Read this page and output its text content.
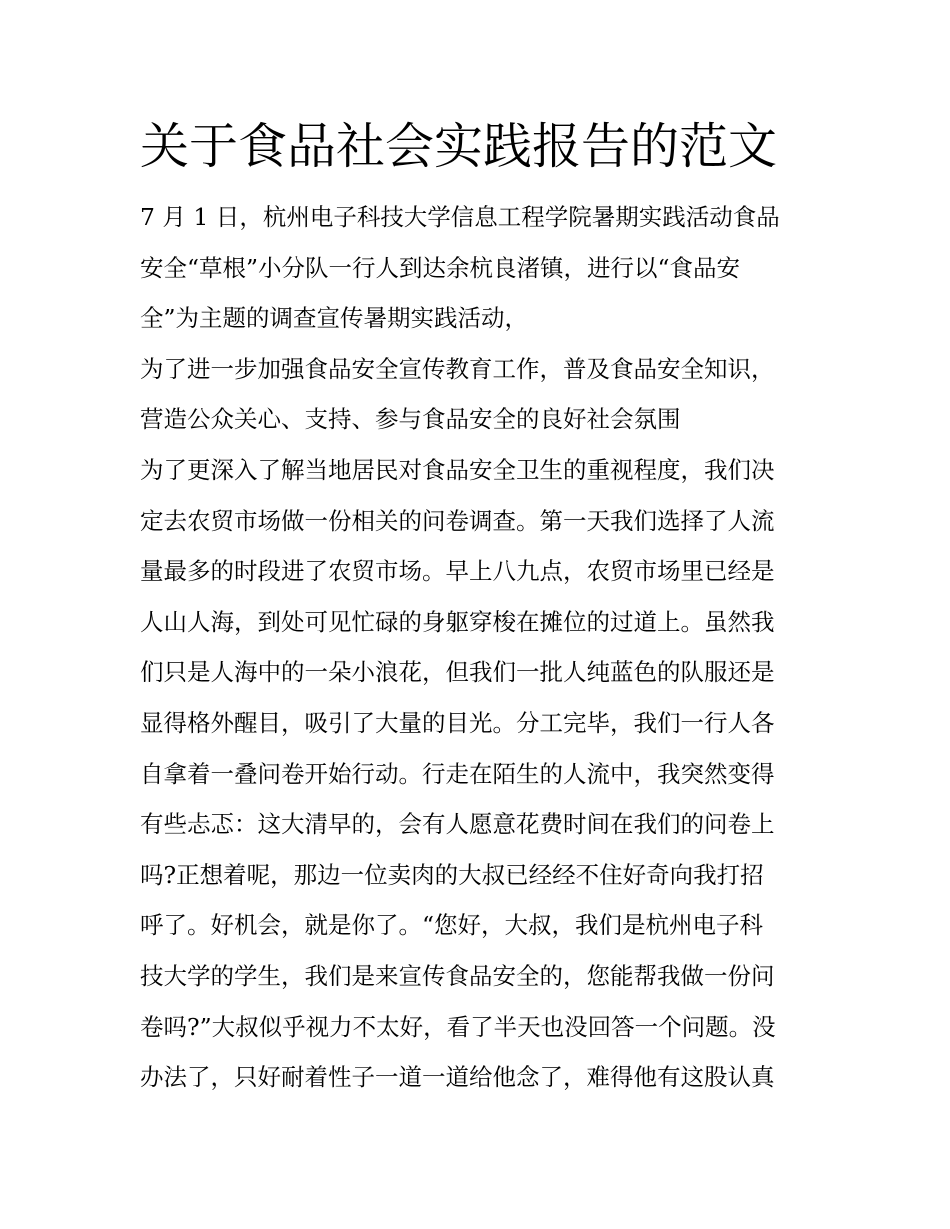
关于食品社会实践报告的范文
7 月 1 日，杭州电子科技大学信息工程学院暑期实践活动食品
安全“草根”小分队一行人到达余杭良渚镇，进行以“食品安
全”为主题的调查宣传暑期实践活动，
为了进一步加强食品安全宣传教育工作，普及食品安全知识，
营造公众关心、支持、参与食品安全的良好社会氛围
为了更深入了解当地居民对食品安全卫生的重视程度，我们决
定去农贸市场做一份相关的问卷调查。第一天我们选择了人流
量最多的时段进了农贸市场。早上八九点，农贸市场里已经是
人山人海，到处可见忙碌的身躯穿梭在摊位的过道上。虽然我
们只是人海中的一朵小浪花，但我们一批人纯蓝色的队服还是
显得格外醒目，吸引了大量的目光。分工完毕，我们一行人各
自拿着一叠问卷开始行动。行走在陌生的人流中，我突然变得
有些忐忑：这大清早的，会有人愿意花费时间在我们的问卷上
吗?正想着呢，那边一位卖肉的大叔已经经不住好奇向我打招
呼了。好机会，就是你了。“您好，大叔，我们是杭州电子科
技大学的学生，我们是来宣传食品安全的，您能帮我做一份问
卷吗?”大叔似乎视力不太好，看了半天也没回答一个问题。没
办法了，只好耐着性子一道一道给他念了，难得他有这股认真
